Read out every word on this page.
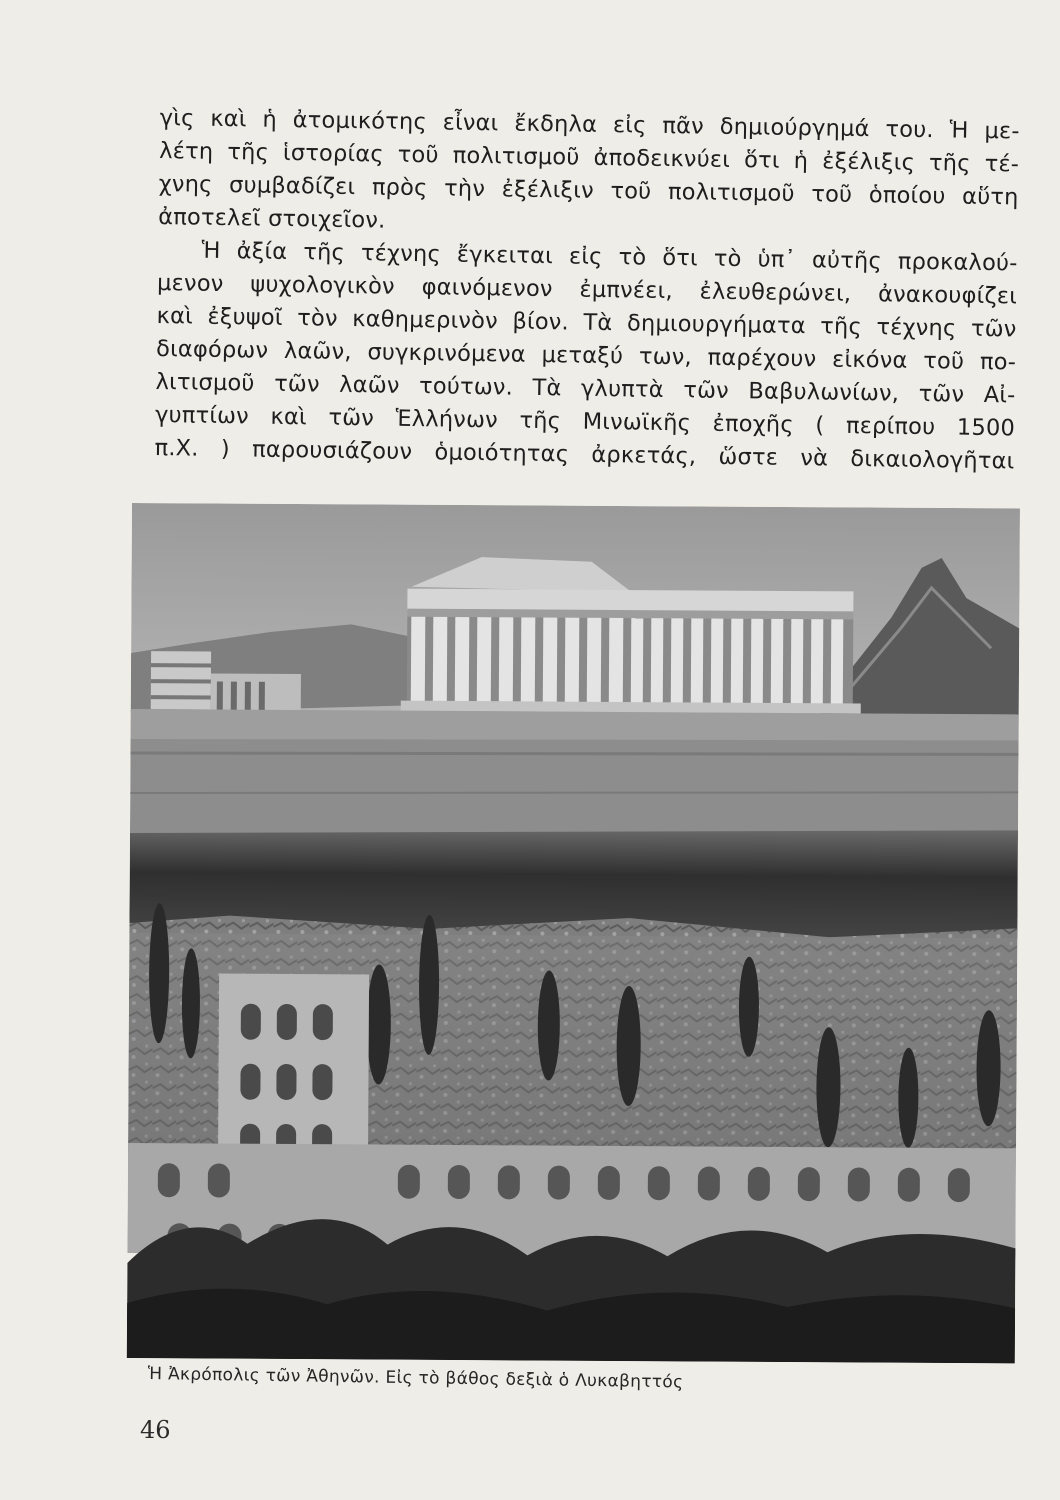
γὶς καὶ ἡ ἀτομικότης εἶναι ἔκδηλα εἰς πᾶν δημιούργημά του. Ἡ με-
λέτη τῆς ἱστορίας τοῦ πολιτισμοῦ ἀποδεικνύει ὅτι ἡ ἐξέλιξις τῆς τέ-
χνης συμβαδίζει πρὸς τὴν ἐξέλιξιν τοῦ πολιτισμοῦ τοῦ ὁποίου αὕτη
ἀποτελεῖ στοιχεῖον.
Ἡ ἀξία τῆς τέχνης ἔγκειται εἰς τὸ ὅτι τὸ ὑπ᾽ αὐτῆς προκαλού-
μενον ψυχολογικὸν φαινόμενον ἐμπνέει, ἐλευθερώνει, ἀνακουφίζει
καὶ ἐξυψοῖ τὸν καθημερινὸν βίον. Τὰ δημιουργήματα τῆς τέχνης τῶν
διαφόρων λαῶν, συγκρινόμενα μεταξύ των, παρέχουν εἰκόνα τοῦ πο-
λιτισμοῦ τῶν λαῶν τούτων. Τὰ γλυπτὰ τῶν Βαβυλωνίων, τῶν Αἰ-
γυπτίων καὶ τῶν Ἑλλήνων τῆς Μινωϊκῆς ἐποχῆς ( περίπου 1500
π.Χ. ) παρουσιάζουν ὁμοιότητας ἀρκετάς, ὥστε νὰ δικαιολογῆται
Ἡ Ἀκρόπολις τῶν Ἀθηνῶν. Εἰς τὸ βάθος δεξιὰ ὁ Λυκαβηττός
46
